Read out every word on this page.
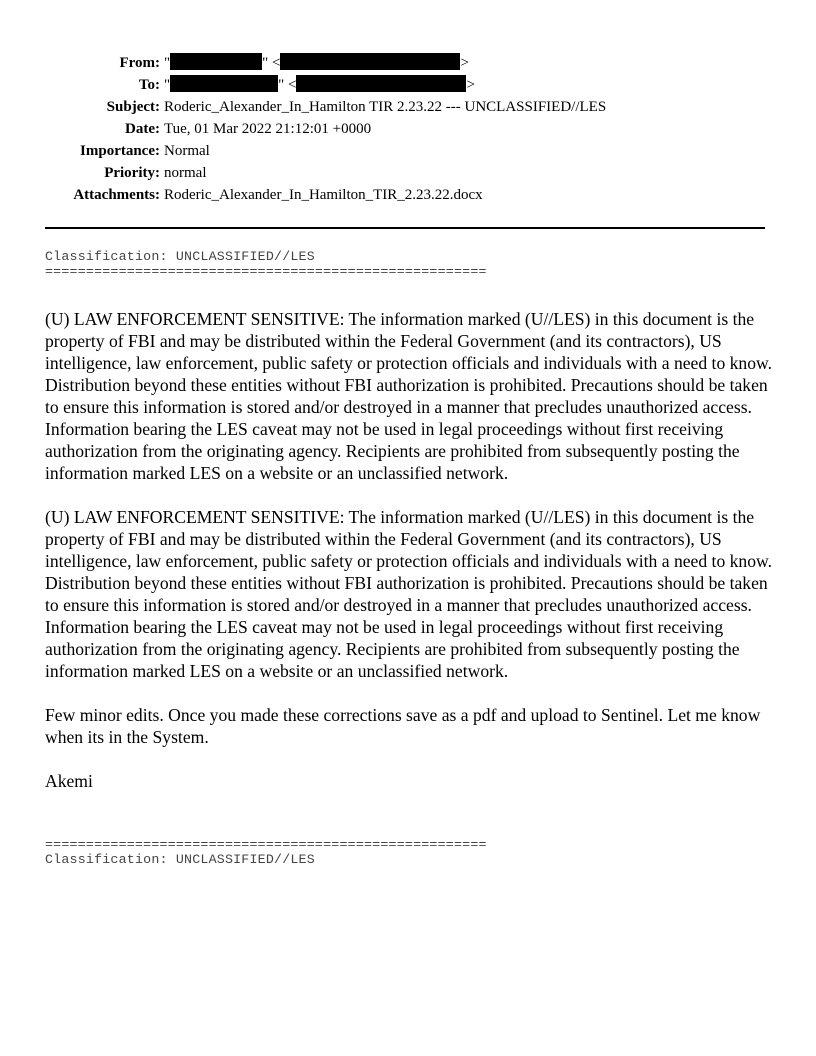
From: "	" <	>
To: "	" <	>
Subject: Roderic_Alexander_In_Hamilton TIR 2.23.22 --- UNCLASSIFIED//LES
Date: Tue, 01 Mar 2022 21:12:01 +0000
Importance: Normal
Priority: normal
Attachments: Roderic_Alexander_In_Hamilton_TIR_2.23.22.docx
Classification: UNCLASSIFIED//LES
======================================================

(U) LAW ENFORCEMENT SENSITIVE: The information marked (U//LES) in this document is the property of FBI and may be distributed within the Federal Government (and its contractors), US intelligence, law enforcement, public safety or protection officials and individuals with a need to know. Distribution beyond these entities without FBI authorization is prohibited. Precautions should be taken to ensure this information is stored and/or destroyed in a manner that precludes unauthorized access. Information bearing the LES caveat may not be used in legal proceedings without first receiving authorization from the originating agency. Recipients are prohibited from subsequently posting the information marked LES on a website or an unclassified network.

(U) LAW ENFORCEMENT SENSITIVE: The information marked (U//LES) in this document is the property of FBI and may be distributed within the Federal Government (and its contractors), US intelligence, law enforcement, public safety or protection officials and individuals with a need to know. Distribution beyond these entities without FBI authorization is prohibited. Precautions should be taken to ensure this information is stored and/or destroyed in a manner that precludes unauthorized access. Information bearing the LES caveat may not be used in legal proceedings without first receiving authorization from the originating agency. Recipients are prohibited from subsequently posting the information marked LES on a website or an unclassified network.

Few minor edits. Once you made these corrections save as a pdf and upload to Sentinel. Let me know when its in the System.

Akemi

======================================================
Classification: UNCLASSIFIED//LES
